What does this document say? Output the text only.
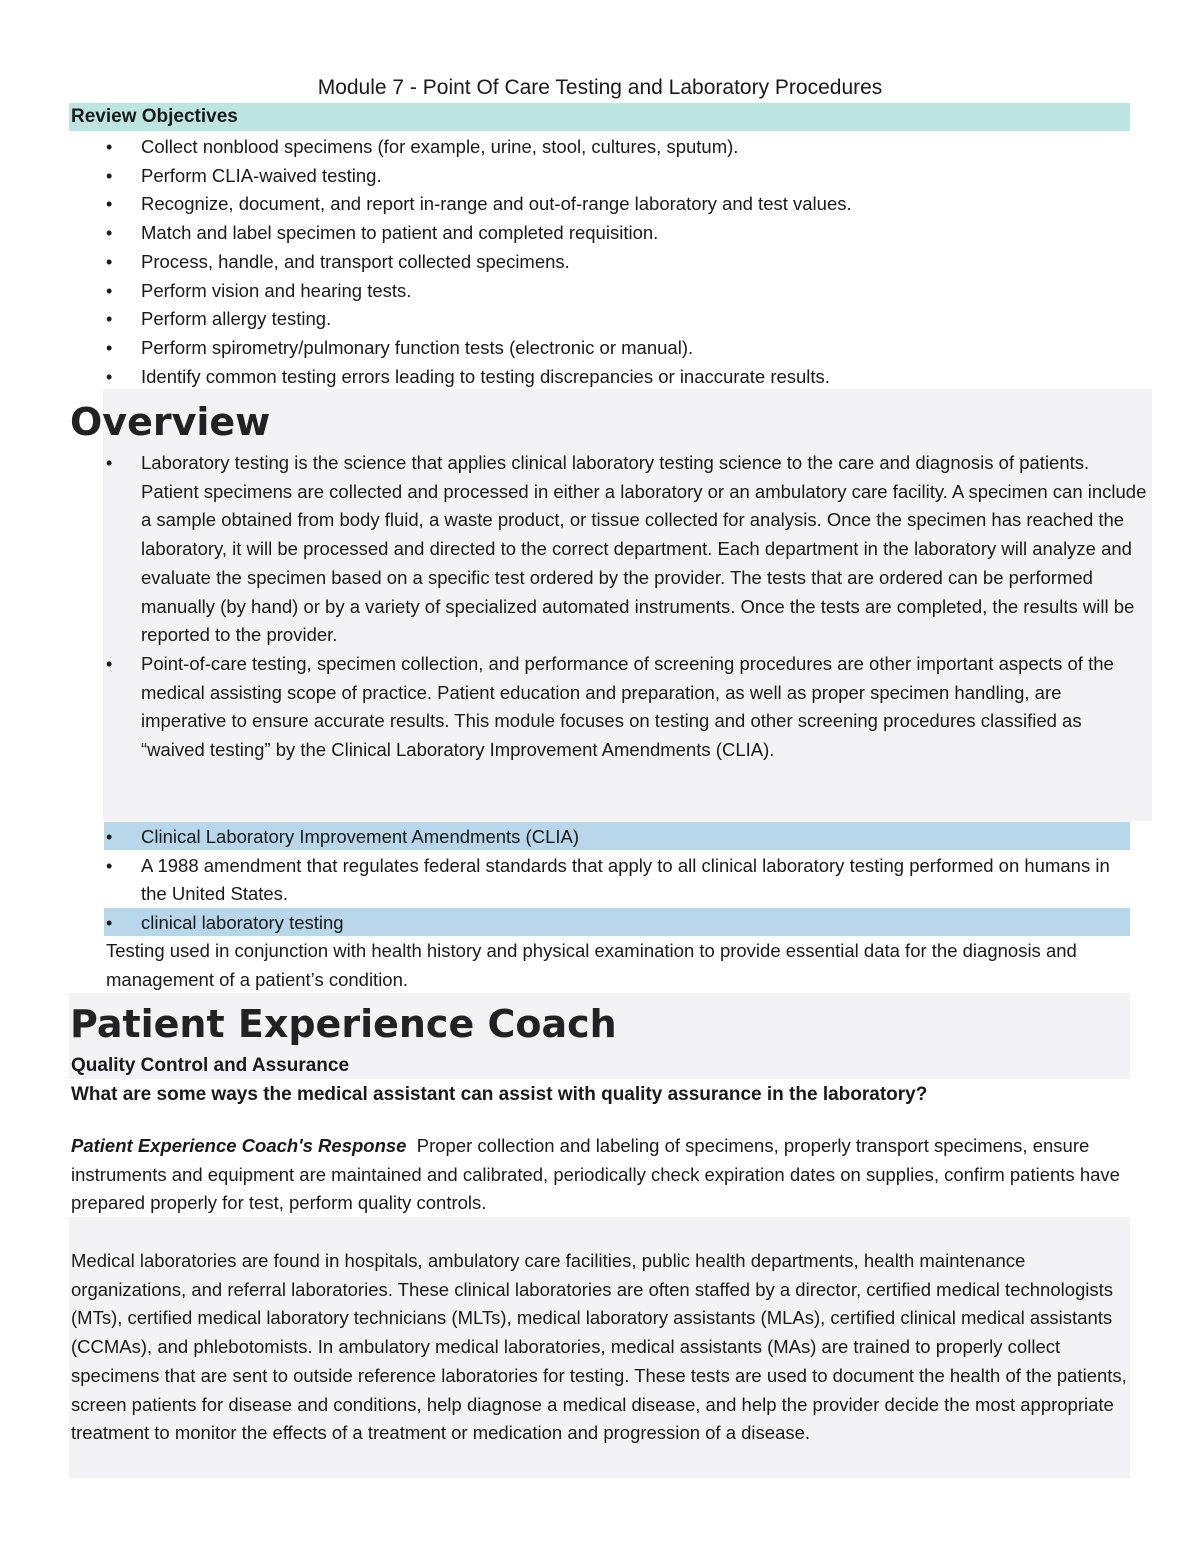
Module 7 - Point Of Care Testing and Laboratory Procedures
Review Objectives
• Collect nonblood specimens (for example, urine, stool, cultures, sputum).
• Perform CLIA-waived testing.
• Recognize, document, and report in-range and out-of-range laboratory and test values.
• Match and label specimen to patient and completed requisition.
• Process, handle, and transport collected specimens.
• Perform vision and hearing tests.
• Perform allergy testing.
• Perform spirometry/pulmonary function tests (electronic or manual).
• Identify common testing errors leading to testing discrepancies or inaccurate results.
Overview
• Laboratory testing is the science that applies clinical laboratory testing science to the care and diagnosis of patients. Patient specimens are collected and processed in either a laboratory or an ambulatory care facility. A specimen can include a sample obtained from body fluid, a waste product, or tissue collected for analysis. Once the specimen has reached the laboratory, it will be processed and directed to the correct department. Each department in the laboratory will analyze and evaluate the specimen based on a specific test ordered by the provider. The tests that are ordered can be performed manually (by hand) or by a variety of specialized automated instruments. Once the tests are completed, the results will be reported to the provider.
• Point-of-care testing, specimen collection, and performance of screening procedures are other important aspects of the medical assisting scope of practice. Patient education and preparation, as well as proper specimen handling, are imperative to ensure accurate results. This module focuses on testing and other screening procedures classified as “waived testing” by the Clinical Laboratory Improvement Amendments (CLIA).
• Clinical Laboratory Improvement Amendments (CLIA)
• A 1988 amendment that regulates federal standards that apply to all clinical laboratory testing performed on humans in the United States.
• clinical laboratory testing
Testing used in conjunction with health history and physical examination to provide essential data for the diagnosis and management of a patient’s condition.
Patient Experience Coach
Quality Control and Assurance
What are some ways the medical assistant can assist with quality assurance in the laboratory?
Patient Experience Coach's Response Proper collection and labeling of specimens, properly transport specimens, ensure instruments and equipment are maintained and calibrated, periodically check expiration dates on supplies, confirm patients have prepared properly for test, perform quality controls.
Medical laboratories are found in hospitals, ambulatory care facilities, public health departments, health maintenance organizations, and referral laboratories. These clinical laboratories are often staffed by a director, certified medical technologists (MTs), certified medical laboratory technicians (MLTs), medical laboratory assistants (MLAs), certified clinical medical assistants (CCMAs), and phlebotomists. In ambulatory medical laboratories, medical assistants (MAs) are trained to properly collect specimens that are sent to outside reference laboratories for testing. These tests are used to document the health of the patients, screen patients for disease and conditions, help diagnose a medical disease, and help the provider decide the most appropriate treatment to monitor the effects of a treatment or medication and progression of a disease.
